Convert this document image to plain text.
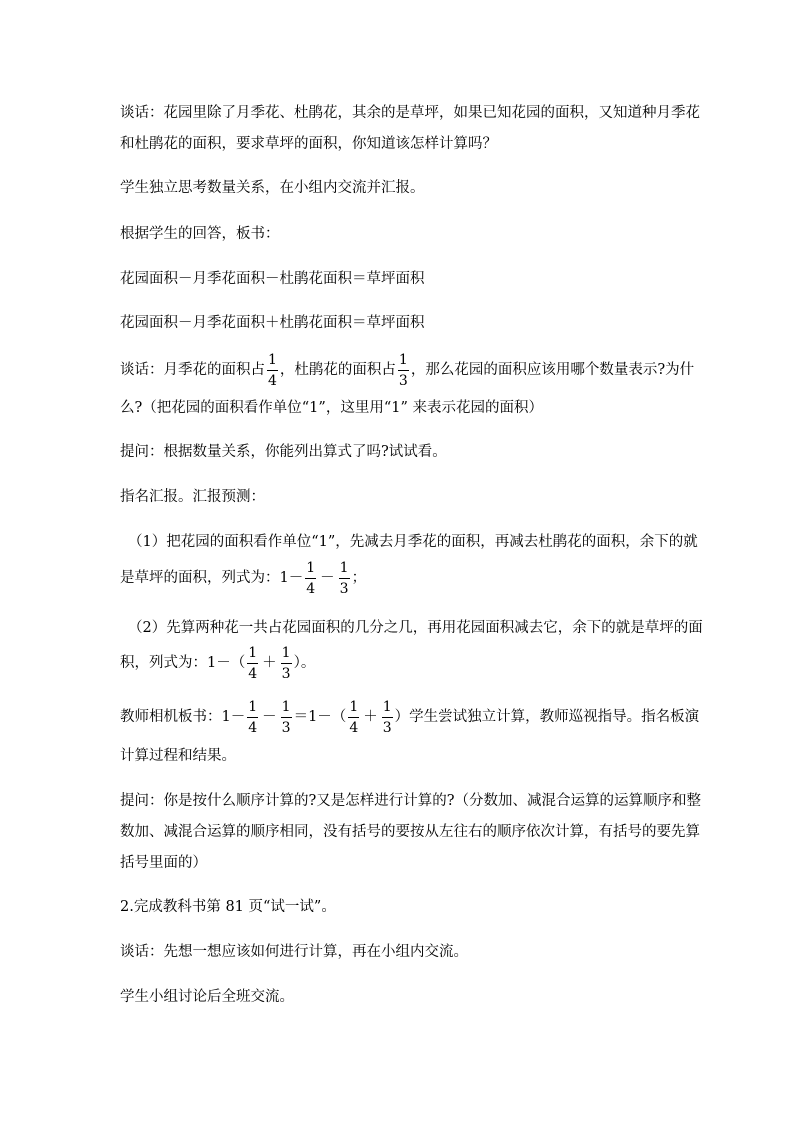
谈话：花园里除了月季花、杜鹃花，其余的是草坪，如果已知花园的面积，又知道种月季花
和杜鹃花的面积，要求草坪的面积，你知道该怎样计算吗？
学生独立思考数量关系，在小组内交流并汇报。
根据学生的回答，板书：
花园面积－月季花面积－杜鹃花面积＝草坪面积
花园面积－月季花面积＋杜鹃花面积＝草坪面积
谈话：月季花的面积占 $\frac{1}{4}$ ，杜鹃花的面积占 $\frac{1}{3}$ ，那么花园的面积应该用哪个数量表示?为什
么?（把花园的面积看作单位“1”，这里用“1” 来表示花园的面积）
提问：根据数量关系，你能列出算式了吗?试试看。
指名汇报。汇报预测：
（1）把花园的面积看作单位“1”，先减去月季花的面积，再减去杜鹃花的面积，余下的就
是草坪的面积，列式为：$1- \frac{1}{4} - \frac{1}{3}$ ；
（2）先算两种花一共占花园面积的几分之几，再用花园面积减去它，余下的就是草坪的面
积，列式为：$1-( \frac{1}{4} + \frac{1}{3}$ ）。
教师相机板书：$1- \frac{1}{4} - \frac{1}{3} =1-( \frac{1}{4} + \frac{1}{3}$ ）学生尝试独立计算，教师巡视指导。指名板演
计算过程和结果。
提问：你是按什么顺序计算的?又是怎样进行计算的?（分数加、减混合运算的运算顺序和整
数加、减混合运算的顺序相同，没有括号的要按从左往右的顺序依次计算，有括号的要先算
括号里面的）
2.完成教科书第 81 页“试一试”。
谈话：先想一想应该如何进行计算，再在小组内交流。
学生小组讨论后全班交流。
